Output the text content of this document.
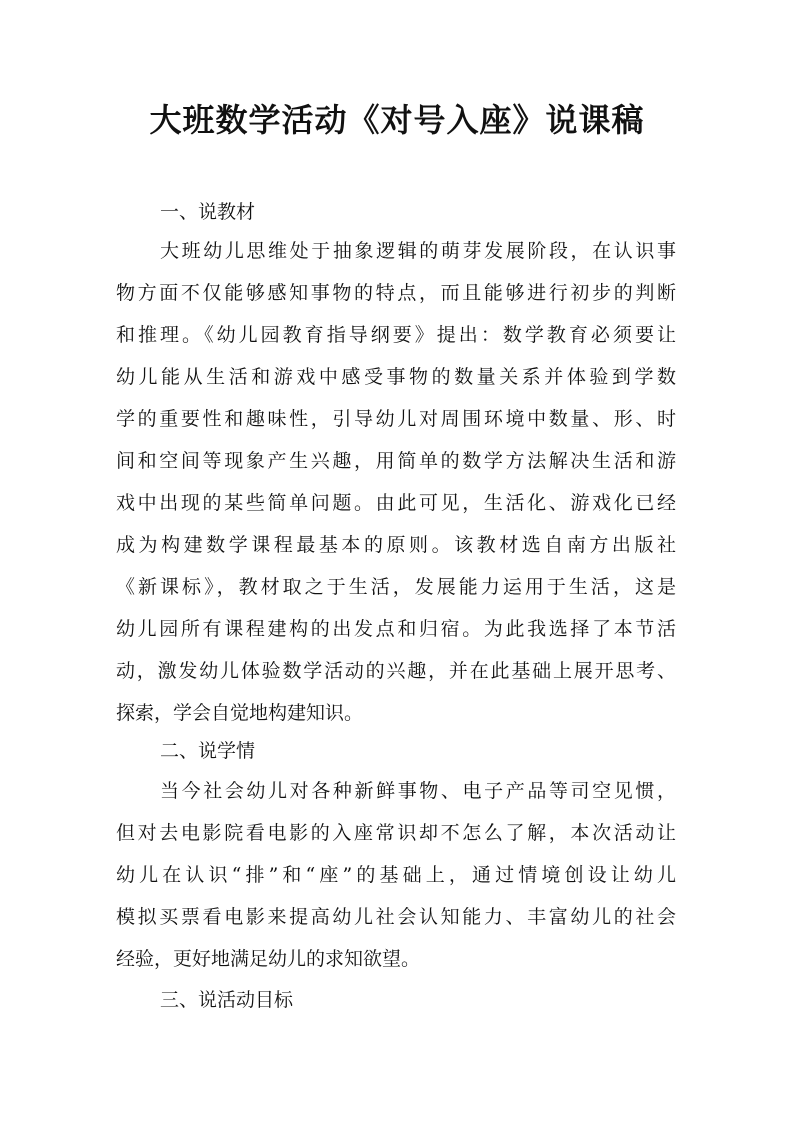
大班数学活动《对号入座》说课稿

一、说教材

大班幼儿思维处于抽象逻辑的萌芽发展阶段，在认识事
物方面不仅能够感知事物的特点，而且能够进行初步的判断
和推理。《幼儿园教育指导纲要》提出：数学教育必须要让
幼儿能从生活和游戏中感受事物的数量关系并体验到学数
学的重要性和趣味性，引导幼儿对周围环境中数量、形、时
间和空间等现象产生兴趣，用简单的数学方法解决生活和游
戏中出现的某些简单问题。由此可见，生活化、游戏化已经
成为构建数学课程最基本的原则。该教材选自南方出版社
《新课标》，教材取之于生活，发展能力运用于生活，这是
幼儿园所有课程建构的出发点和归宿。为此我选择了本节活
动，激发幼儿体验数学活动的兴趣，并在此基础上展开思考、
探索，学会自觉地构建知识。

二、说学情

当今社会幼儿对各种新鲜事物、电子产品等司空见惯，
但对去电影院看电影的入座常识却不怎么了解，本次活动让
幼儿在认识“排”和“座”的基础上，通过情境创设让幼儿
模拟买票看电影来提高幼儿社会认知能力、丰富幼儿的社会
经验，更好地满足幼儿的求知欲望。

三、说活动目标
